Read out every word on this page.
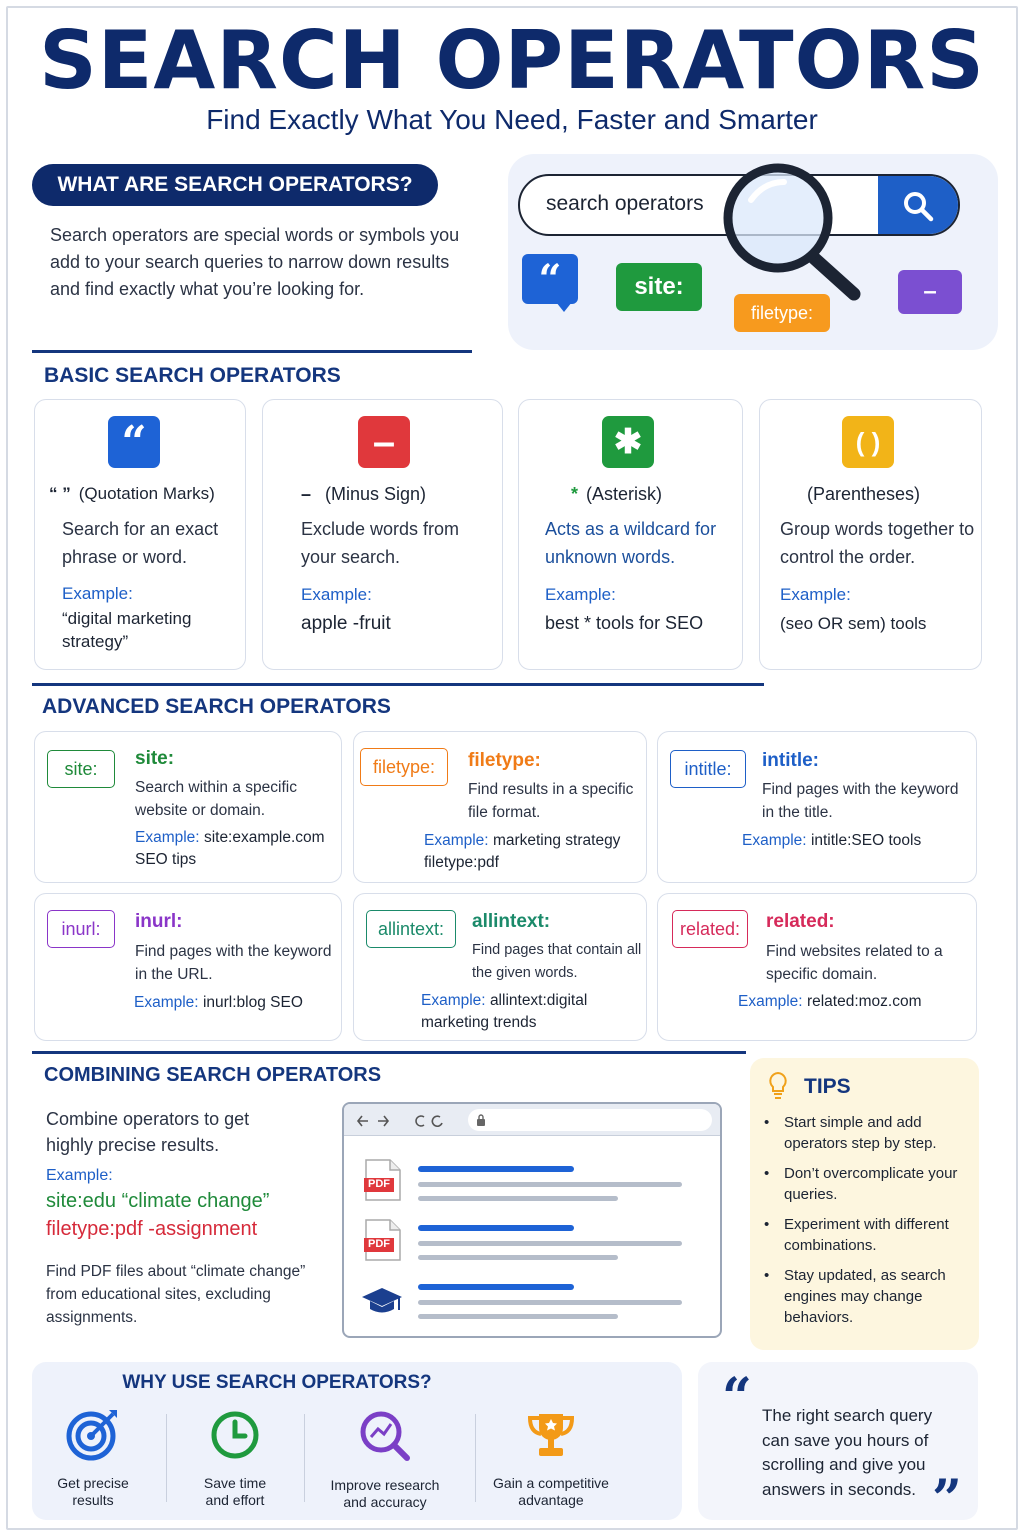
SEARCH OPERATORS
Find Exactly What You Need, Faster and Smarter
WHAT ARE SEARCH OPERATORS?

Search operators are special words or symbols you add to your search queries to narrow down results and find exactly what you’re looking for.

search operators
“	site:
filetype:
–
BASIC SEARCH OPERATORS
“
“ ” (Quotation Marks)
Search for an exact phrase or word.
Example:
“digital marketing strategy”
–
– (Minus Sign)
Exclude words from your search.
Example:
apple -fruit
✱
* (Asterisk)
Acts as a wildcard for unknown words.
Example:
best * tools for SEO
( )
(Parentheses)
Group words together to control the order.
Example:
(seo OR sem) tools
ADVANCED SEARCH OPERATORS
site:	site:
Search within a specific website or domain.
Example: site:example.com SEO tips
filetype:	filetype:
Find results in a specific file format.
Example: marketing strategy filetype:pdf
intitle:	intitle:
Find pages with the keyword in the title.
Example: intitle:SEO tools
inurl:	inurl:
Find pages with the keyword in the URL.
Example: inurl:blog SEO
allintext:	allintext:
Find pages that contain all the given words.
Example: allintext:digital marketing trends
related:	related:
Find websites related to a specific domain.
Example: related:moz.com
COMBINING SEARCH OPERATORS

Combine operators to get highly precise results.

Example:
site:edu “climate change”
filetype:pdf -assignment

Find PDF files about “climate change” from educational sites, excluding assignments.

PDF
PDF
TIPS
• Start simple and add operators step by step.
• Don’t overcomplicate your queries.
• Experiment with different combinations.
• Stay updated, as search engines may change behaviors.
WHY USE SEARCH OPERATORS?
Get precise results
Save time and effort
Improve research and accuracy
Gain a competitive advantage
“ The right search query can save you hours of scrolling and give you answers in seconds. ”
